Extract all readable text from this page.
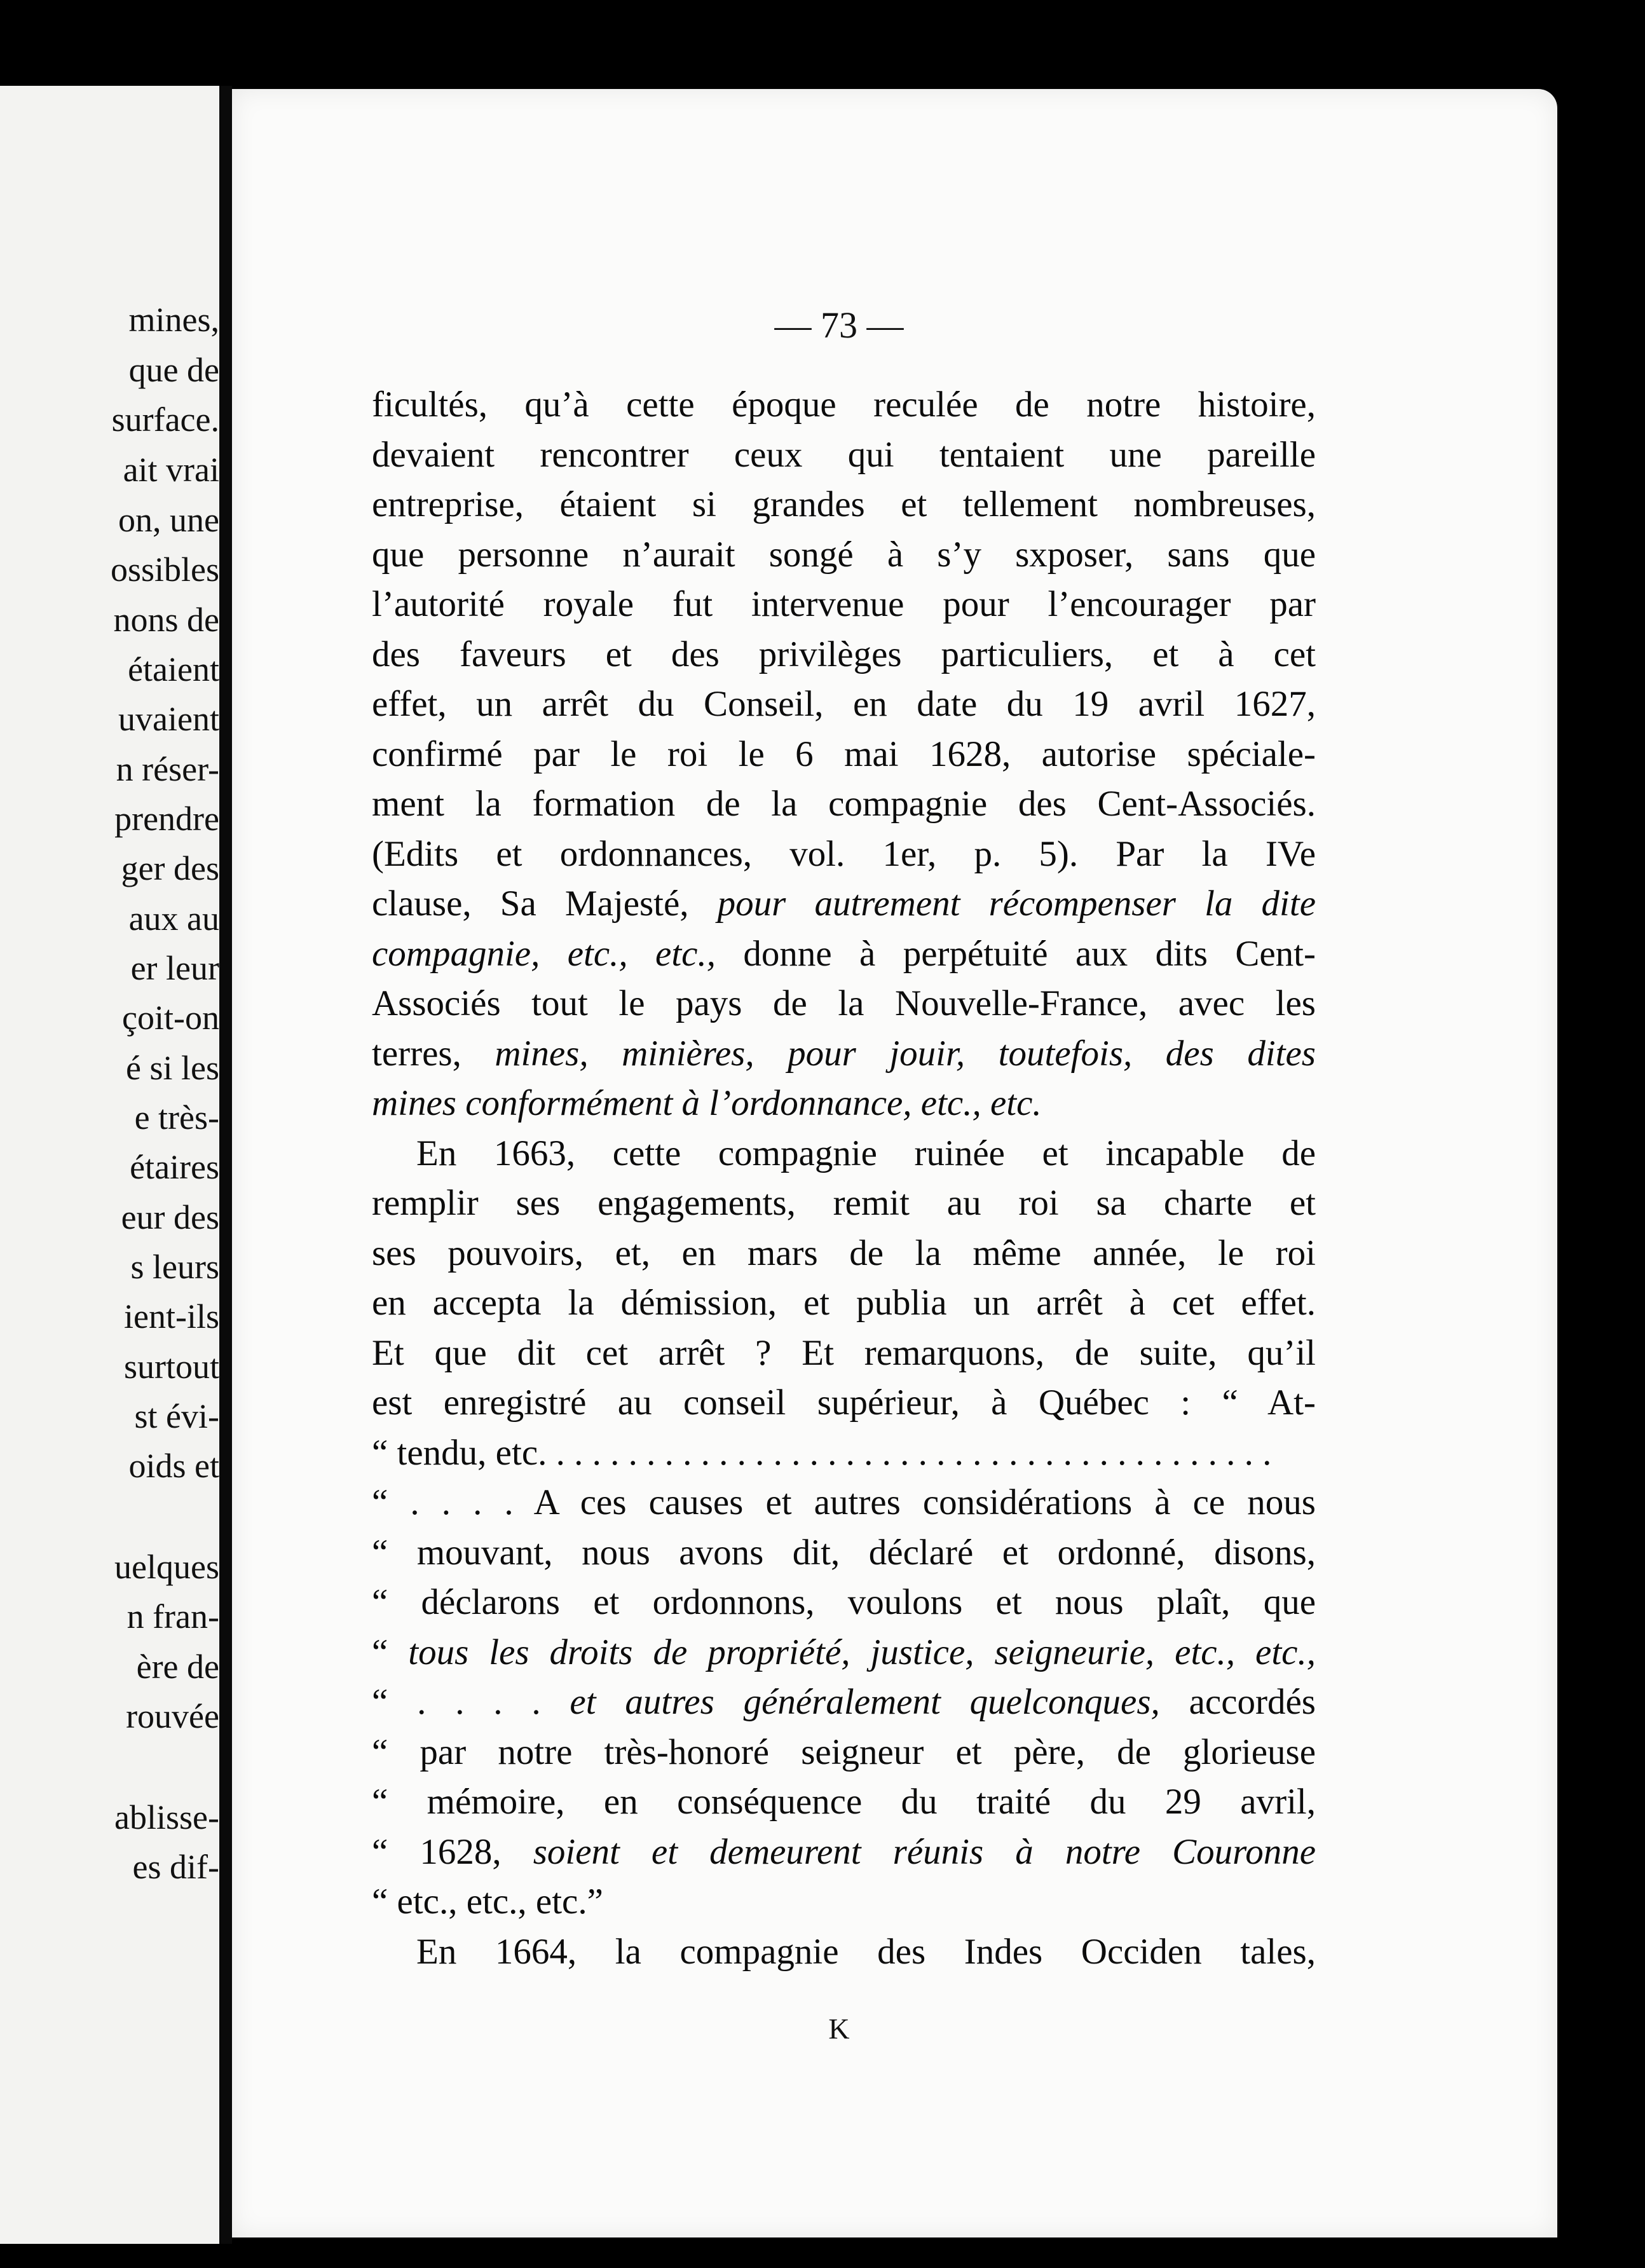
mines,
que de
surface.
ait vrai
on, une
ossibles
nons de
étaient
uvaient
n réser-
prendre
ger des
aux au
er leur
çoit-on
é si les
e très-
étaires
eur des
s leurs
ient-ils
surtout
st évi-
oids et
uelques
n fran-
ère de
rouvée
ablisse-
es dif-
— 73 —
ficultés, qu’à cette époque reculée de notre histoire,
devaient rencontrer ceux qui tentaient une pareille
entreprise, étaient si grandes et tellement nombreuses,
que personne n’aurait songé à s’y sxposer, sans que
l’autorité royale fut intervenue pour l’encourager par
des faveurs et des privilèges particuliers, et à cet
effet, un arrêt du Conseil, en date du 19 avril 1627,
confirmé par le roi le 6 mai 1628, autorise spéciale-
ment la formation de la compagnie des Cent-Associés.
(Edits et ordonnances, vol. 1er, p. 5). Par la IVe
clause, Sa Majesté, pour autrement récompenser la dite
compagnie, etc., etc., donne à perpétuité aux dits Cent-
Associés tout le pays de la Nouvelle-France, avec les
terres, mines, minières, pour jouir, toutefois, des dites
mines conformément à l’ordonnance, etc., etc.
En 1663, cette compagnie ruinée et incapable de
remplir ses engagements, remit au roi sa charte et
ses pouvoirs, et, en mars de la même année, le roi
en accepta la démission, et publia un arrêt à cet effet.
Et que dit cet arrêt ? Et remarquons, de suite, qu’il
est enregistré au conseil supérieur, à Québec : “ At-
“ tendu, etc. . . . . . . . . . . . . . . . . . . . . . . . . . . . . . . . . . . . . . . . .
“ . . . . A ces causes et autres considérations à ce nous
“ mouvant, nous avons dit, déclaré et ordonné, disons,
“ déclarons et ordonnons, voulons et nous plaît, que
“ tous les droits de propriété, justice, seigneurie, etc., etc.,
“ . . . . et autres généralement quelconques, accordés
“ par notre très-honoré seigneur et père, de glorieuse
“ mémoire, en conséquence du traité du 29 avril,
“ 1628, soient et demeurent réunis à notre Couronne
“ etc., etc., etc.”
En 1664, la compagnie des Indes Occiden tales,
K
